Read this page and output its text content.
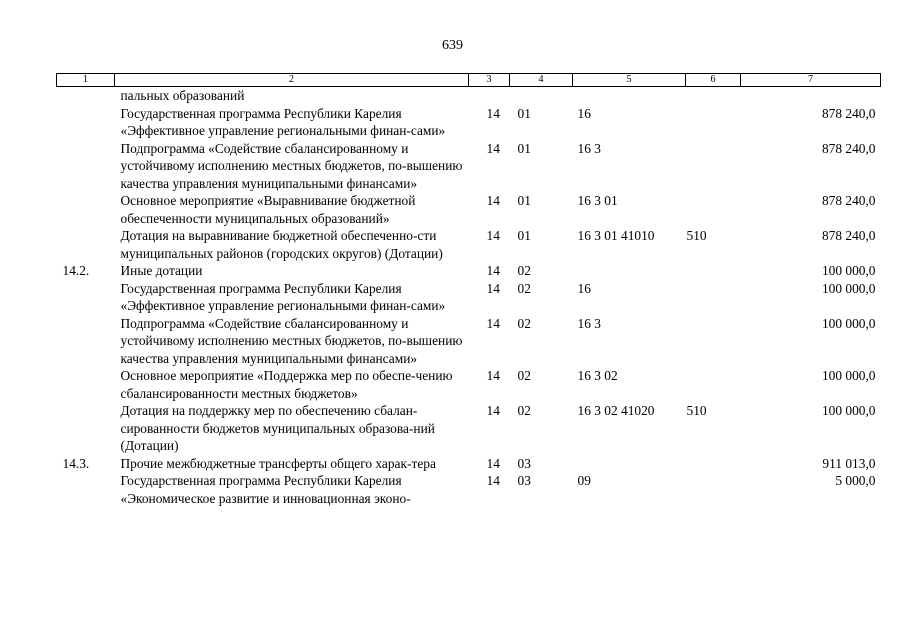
639
1	2	3	4	5	6	7
	пальных образований					
	Государственная программа Республики Карелия «Эффективное управление региональными финан-сами»	14	01	16		878 240,0
	Подпрограмма «Содействие сбалансированному и устойчивому исполнению местных бюджетов, по-вышению качества управления муниципальными финансами»	14	01	16 3		878 240,0
	Основное мероприятие «Выравнивание бюджетной обеспеченности муниципальных образований»	14	01	16 3 01		878 240,0
	Дотация на выравнивание бюджетной обеспеченно-сти муниципальных районов (городских округов) (Дотации)	14	01	16 3 01 41010	510	878 240,0
14.2.	Иные дотации	14	02			100 000,0
	Государственная программа Республики Карелия «Эффективное управление региональными финан-сами»	14	02	16		100 000,0
	Подпрограмма «Содействие сбалансированному и устойчивому исполнению местных бюджетов, по-вышению качества управления муниципальными финансами»	14	02	16 3		100 000,0
	Основное мероприятие «Поддержка мер по обеспе-чению сбалансированности местных бюджетов»	14	02	16 3 02		100 000,0
	Дотация на поддержку мер по обеспечению сбалан-сированности бюджетов муниципальных образова-ний (Дотации)	14	02	16 3 02 41020	510	100 000,0
14.3.	Прочие межбюджетные трансферты общего харак-тера	14	03			911 013,0
	Государственная программа Республики Карелия «Экономическое развитие и инновационная эконо-	14	03	09		5 000,0
